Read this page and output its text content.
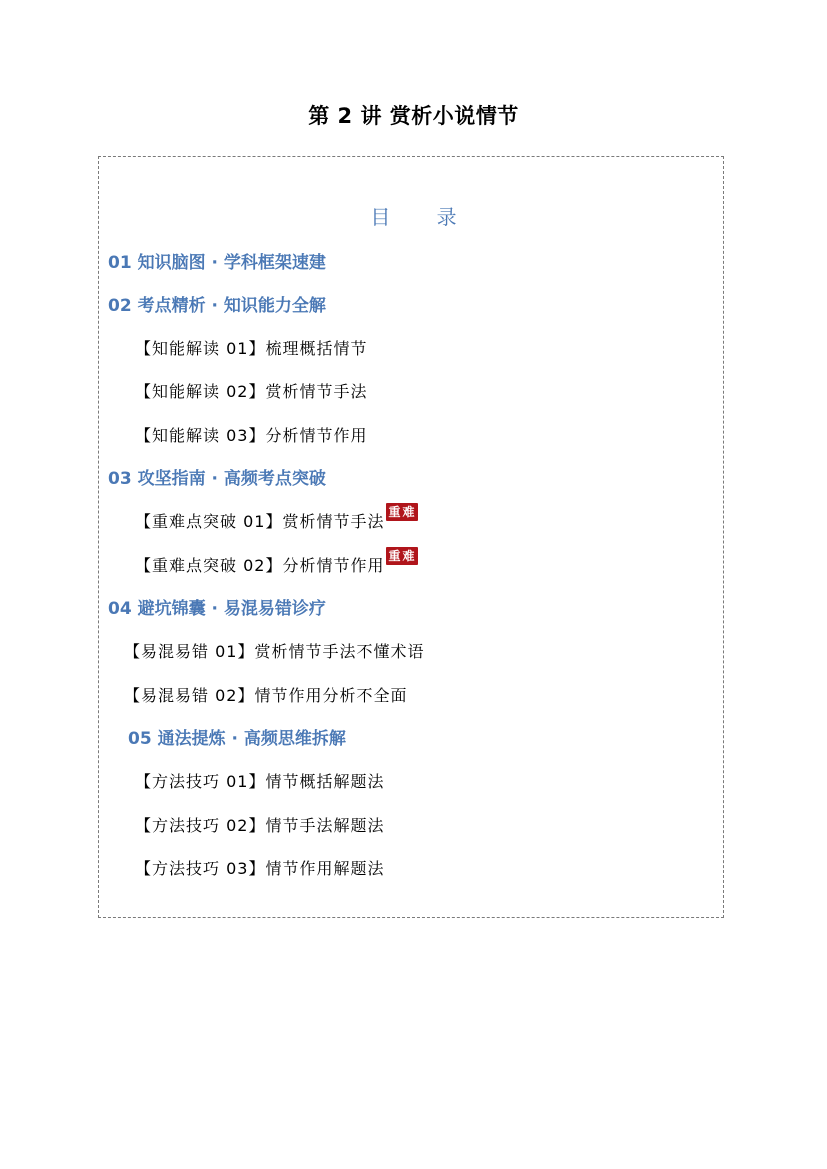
第 2 讲 赏析小说情节
目 录
01 知识脑图 · 学科框架速建
02 考点精析 · 知识能力全解
【知能解读 01】梳理概括情节
【知能解读 02】赏析情节手法
【知能解读 03】分析情节作用
03 攻坚指南 · 高频考点突破
【重难点突破 01】赏析情节手法 重难
【重难点突破 02】分析情节作用 重难
04 避坑锦囊 · 易混易错诊疗
【易混易错 01】赏析情节手法不懂术语
【易混易错 02】情节作用分析不全面
05 通法提炼 · 高频思维拆解
【方法技巧 01】情节概括解题法
【方法技巧 02】情节手法解题法
【方法技巧 03】情节作用解题法
